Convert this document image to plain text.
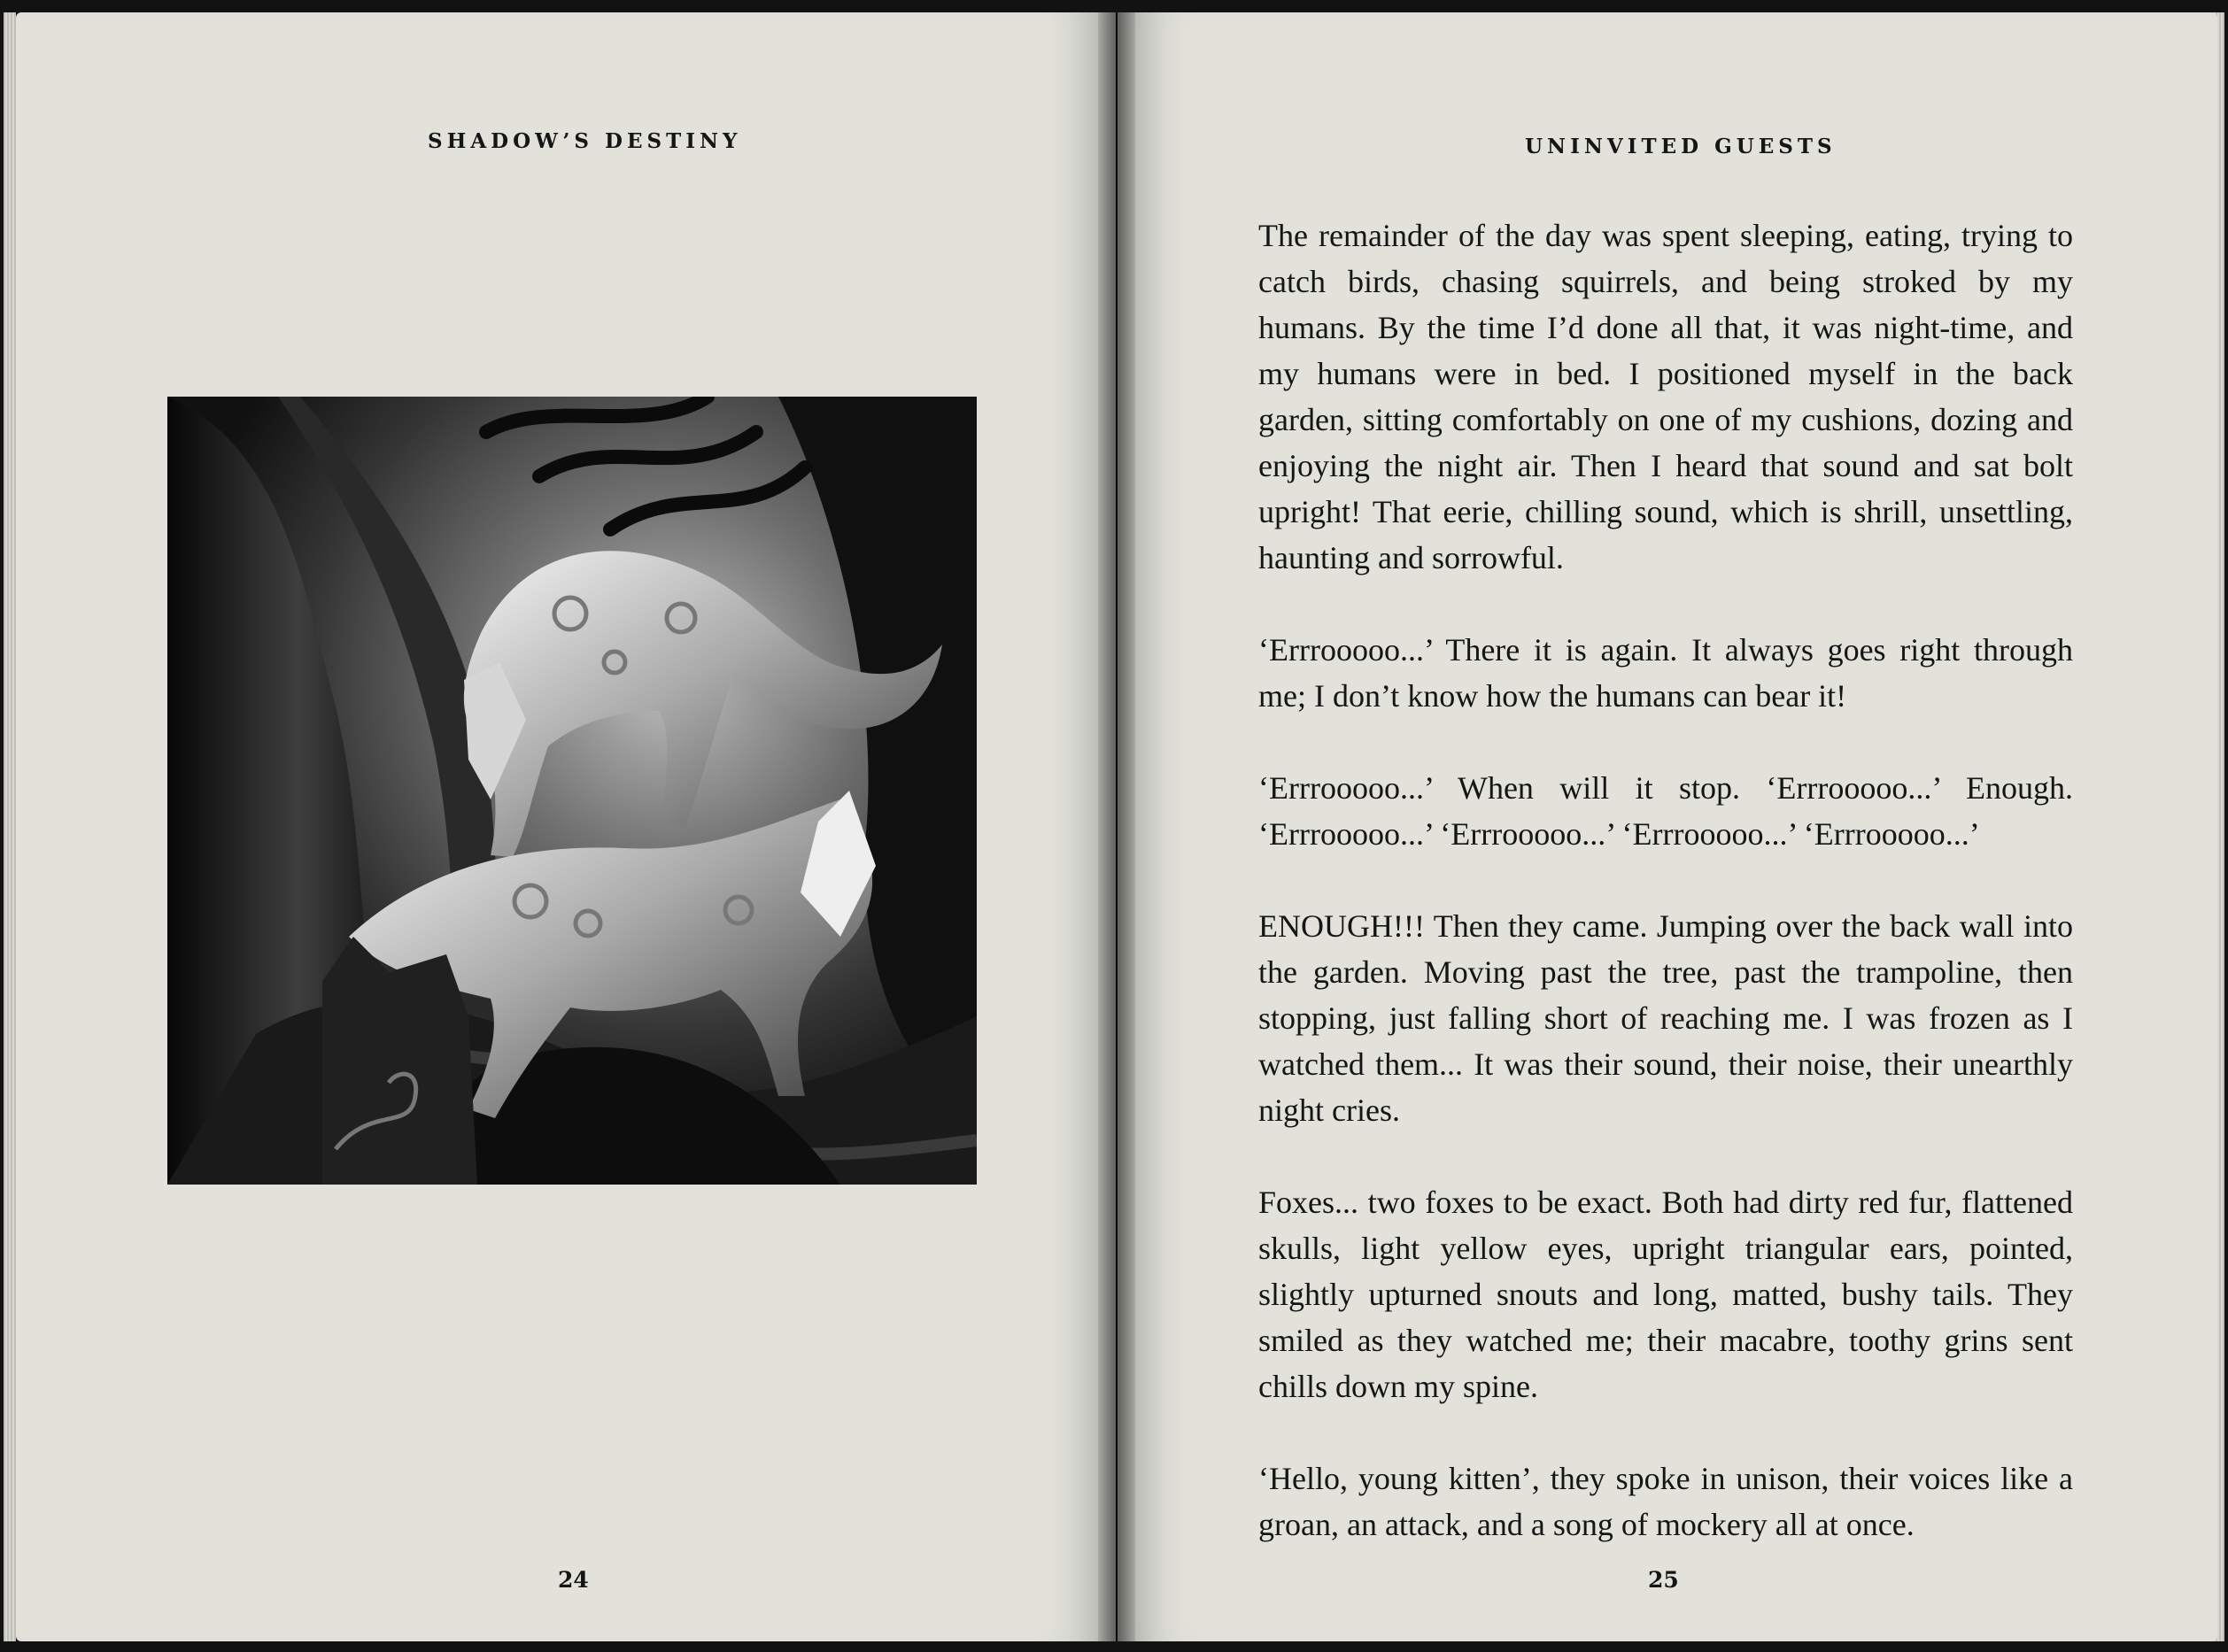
SHADOW’S DESTINY
24
UNINVITED GUESTS

The remainder of the day was spent sleeping, eating, trying to catch birds, chasing squirrels, and being stroked by my humans. By the time I’d done all that, it was night-time, and my humans were in bed. I positioned myself in the back garden, sitting comfortably on one of my cushions, dozing and enjoying the night air. Then I heard that sound and sat bolt upright! That eerie, chilling sound, which is shrill, unsettling, haunting and sorrowful.

‘Errrooooo...’ There it is again. It always goes right through me; I don’t know how the humans can bear it!

‘Errrooooo...’ When will it stop. ‘Errrooooo...’ Enough. ‘Errrooooo...’ ‘Errrooooo...’ ‘Errrooooo...’ ‘Errrooooo...’

ENOUGH!!! Then they came. Jumping over the back wall into the garden. Moving past the tree, past the trampoline, then stopping, just falling short of reaching me. I was frozen as I watched them... It was their sound, their noise, their unearthly night cries.

Foxes... two foxes to be exact. Both had dirty red fur, flattened skulls, light yellow eyes, upright triangular ears, pointed, slightly upturned snouts and long, matted, bushy tails. They smiled as they watched me; their macabre, toothy grins sent chills down my spine.

‘Hello, young kitten’, they spoke in unison, their voices like a groan, an attack, and a song of mockery all at once.

25
